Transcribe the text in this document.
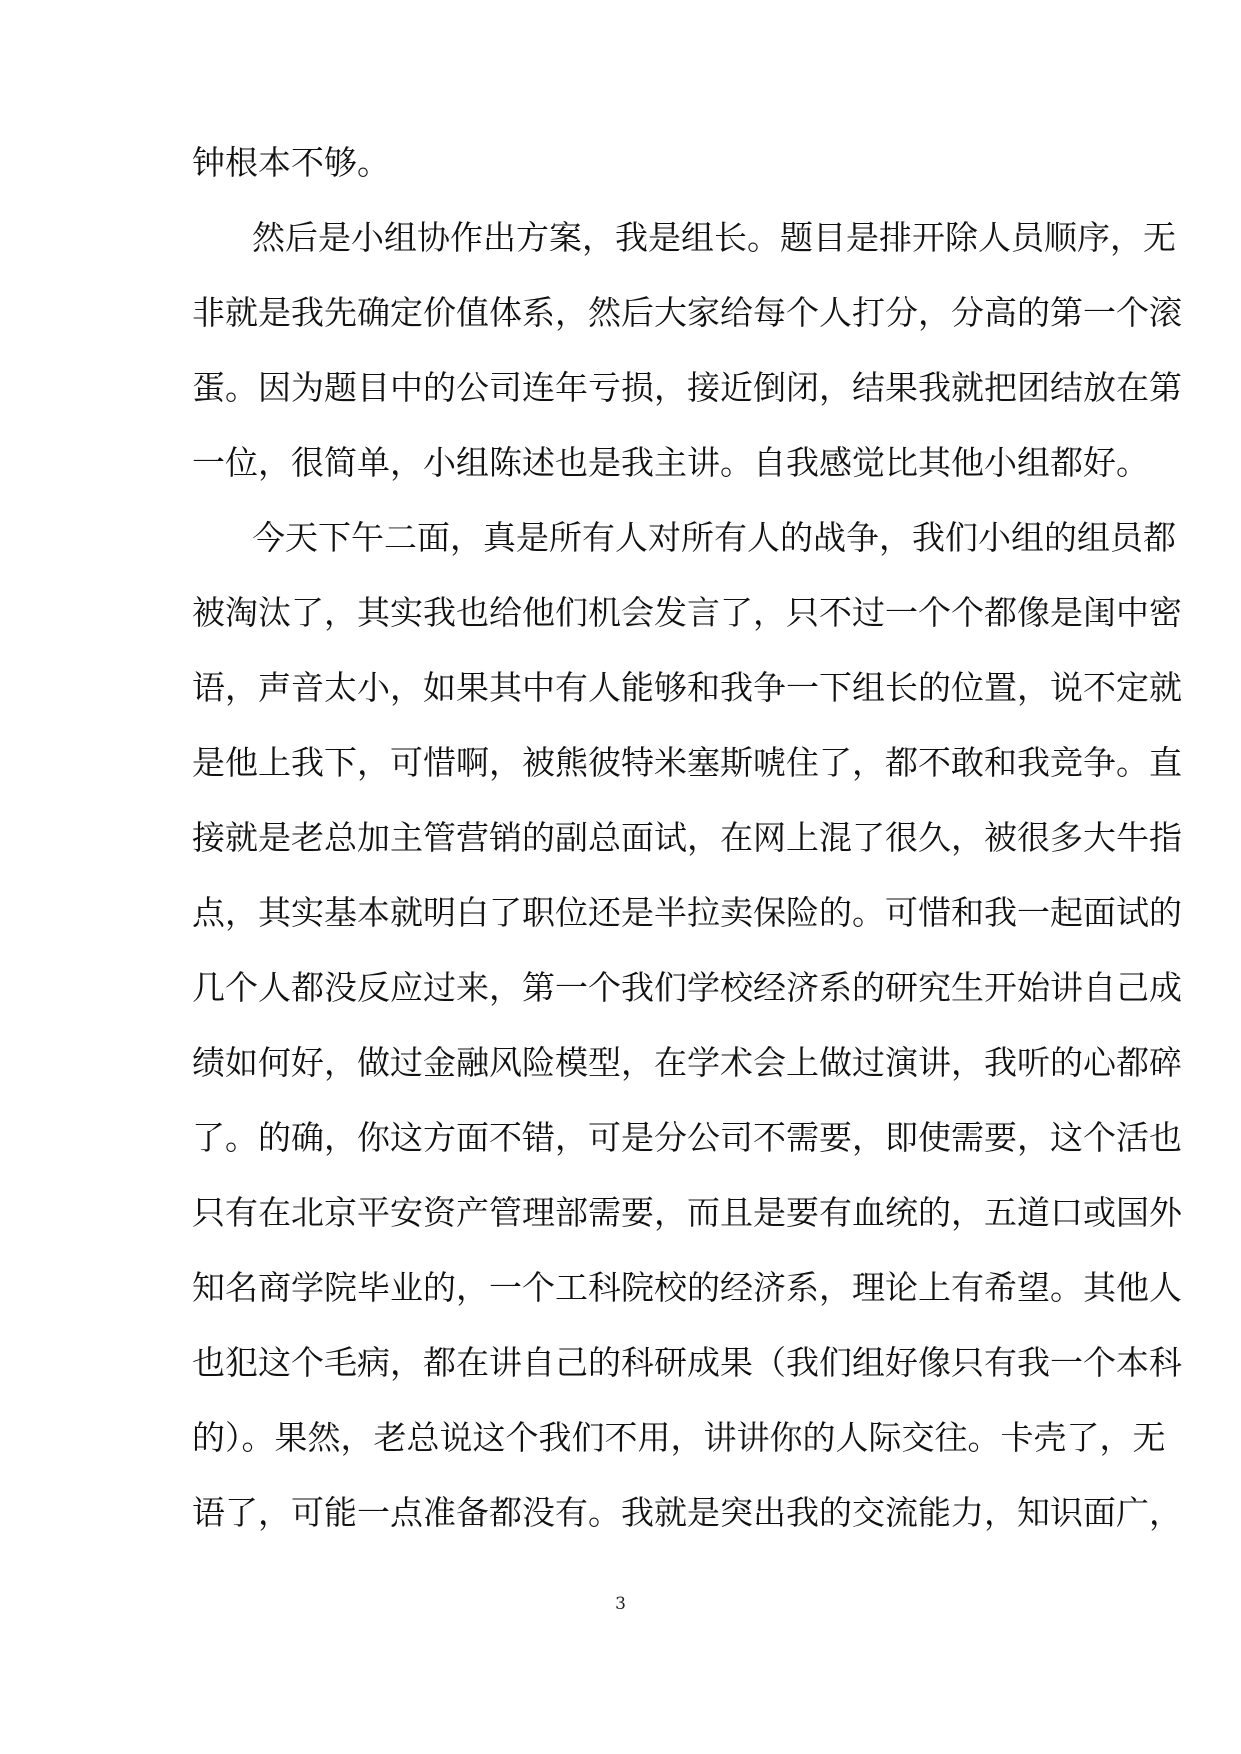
钟根本不够。
然后是小组协作出方案，我是组长。题目是排开除人员顺序，无
非就是我先确定价值体系，然后大家给每个人打分，分高的第一个滚
蛋。因为题目中的公司连年亏损，接近倒闭，结果我就把团结放在第
一位，很简单，小组陈述也是我主讲。自我感觉比其他小组都好。
今天下午二面，真是所有人对所有人的战争，我们小组的组员都
被淘汰了，其实我也给他们机会发言了，只不过一个个都像是闺中密
语，声音太小，如果其中有人能够和我争一下组长的位置，说不定就
是他上我下，可惜啊，被熊彼特米塞斯唬住了，都不敢和我竞争。直
接就是老总加主管营销的副总面试，在网上混了很久，被很多大牛指
点，其实基本就明白了职位还是半拉卖保险的。可惜和我一起面试的
几个人都没反应过来，第一个我们学校经济系的研究生开始讲自己成
绩如何好，做过金融风险模型，在学术会上做过演讲，我听的心都碎
了。的确，你这方面不错，可是分公司不需要，即使需要，这个活也
只有在北京平安资产管理部需要，而且是要有血统的，五道口或国外
知名商学院毕业的，一个工科院校的经济系，理论上有希望。其他人
也犯这个毛病，都在讲自己的科研成果（我们组好像只有我一个本科
的）。果然，老总说这个我们不用，讲讲你的人际交往。卡壳了，无
语了，可能一点准备都没有。我就是突出我的交流能力，知识面广，
3
